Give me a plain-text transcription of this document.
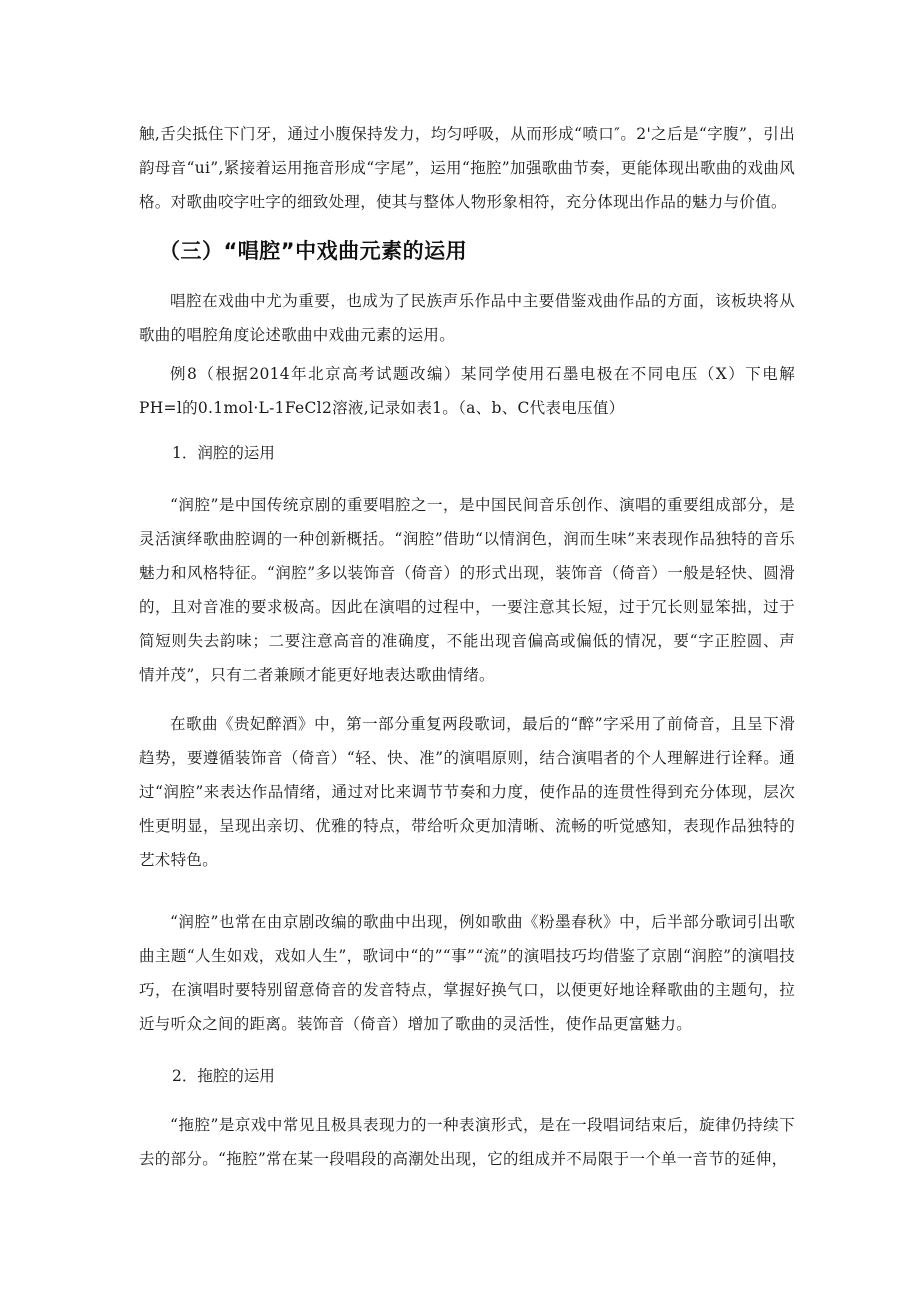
触,舌尖抵住下门牙，通过小腹保持发力，均匀呼吸，从而形成“喷口″。2'之后是“字腹”，引出韵母音“ui”,紧接着运用拖音形成“字尾”，运用“拖腔”加强歌曲节奏，更能体现出歌曲的戏曲风格。对歌曲咬字吐字的细致处理，使其与整体人物形象相符，充分体现出作品的魅力与价值。

（三）“唱腔”中戏曲元素的运用

唱腔在戏曲中尤为重要，也成为了民族声乐作品中主要借鉴戏曲作品的方面，该板块将从歌曲的唱腔角度论述歌曲中戏曲元素的运用。

例8（根据2014年北京高考试题改编）某同学使用石墨电极在不同电压（X）下电解PH=l的0.1mol·L-1FeCl2溶液,记录如表1。（a、b、C代表电压值）

1．润腔的运用

“润腔”是中国传统京剧的重要唱腔之一，是中国民间音乐创作、演唱的重要组成部分，是灵活演绎歌曲腔调的一种创新概括。“润腔”借助“以情润色，润而生味”来表现作品独特的音乐魅力和风格特征。“润腔”多以装饰音（倚音）的形式出现，装饰音（倚音）一般是轻快、圆滑的，且对音准的要求极高。因此在演唱的过程中，一要注意其长短，过于冗长则显笨拙，过于简短则失去韵味；二要注意高音的准确度，不能出现音偏高或偏低的情况，要“字正腔圆、声情并茂”，只有二者兼顾才能更好地表达歌曲情绪。

在歌曲《贵妃醉酒》中，第一部分重复两段歌词，最后的“醉”字采用了前倚音，且呈下滑趋势，要遵循装饰音（倚音）“轻、快、准”的演唱原则，结合演唱者的个人理解进行诠释。通过“润腔”来表达作品情绪，通过对比来调节节奏和力度，使作品的连贯性得到充分体现，层次性更明显，呈现出亲切、优雅的特点，带给听众更加清晰、流畅的听觉感知，表现作品独特的艺术特色。

“润腔”也常在由京剧改编的歌曲中出现，例如歌曲《粉墨春秋》中，后半部分歌词引出歌曲主题“人生如戏，戏如人生”，歌词中“的”“事”“流”的演唱技巧均借鉴了京剧“润腔”的演唱技巧，在演唱时要特别留意倚音的发音特点，掌握好换气口，以便更好地诠释歌曲的主题句，拉近与听众之间的距离。装饰音（倚音）增加了歌曲的灵活性，使作品更富魅力。

2．拖腔的运用

“拖腔”是京戏中常见且极具表现力的一种表演形式，是在一段唱词结束后，旋律仍持续下去的部分。“拖腔”常在某一段唱段的高潮处出现，它的组成并不局限于一个单一音节的延伸，
